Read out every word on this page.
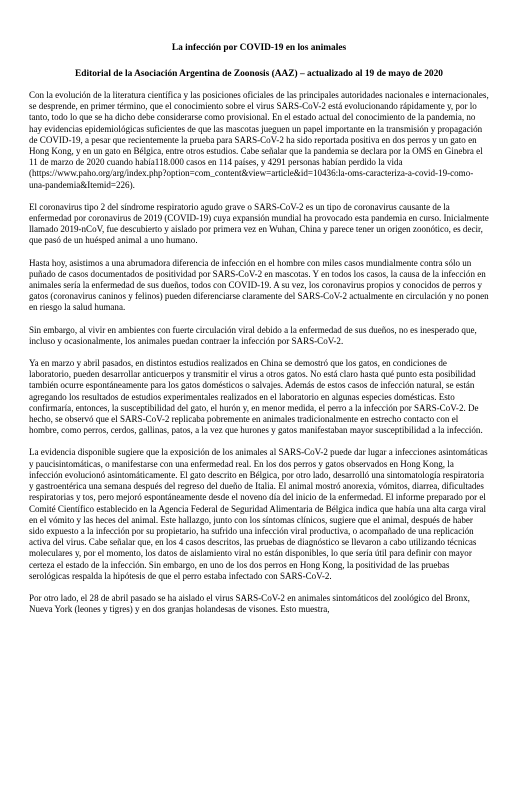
La infección por COVID-19 en los animales

Editorial de la Asociación Argentina de Zoonosis (AAZ) – actualizado al 19 de mayo de 2020

Con la evolución de la literatura científica y las posiciones oficiales de las principales autoridades nacionales e internacionales, se desprende, en primer término, que el conocimiento sobre el virus SARS-CoV-2 está evolucionando rápidamente y, por lo tanto, todo lo que se ha dicho debe considerarse como provisional. En el estado actual del conocimiento de la pandemia, no hay evidencias epidemiológicas suficientes de que las mascotas jueguen un papel importante en la transmisión y propagación de COVID-19, a pesar que recientemente la prueba para SARS-CoV-2 ha sido reportada positiva en dos perros y un gato en Hong Kong, y en un gato en Bélgica, entre otros estudios. Cabe señalar que la pandemia se declara por la OMS en Ginebra el 11 de marzo de 2020 cuando había118.000 casos en 114 países, y 4291 personas habían perdido la vida (https://www.paho.org/arg/index.php?option=com_content&view=article&id=10436:la-oms-caracteriza-a-covid-19-como-una-pandemia&Itemid=226).

El coronavirus tipo 2 del síndrome respiratorio agudo grave o SARS-CoV-2 es un tipo de coronavirus causante de la enfermedad por coronavirus de 2019 (COVID-19) cuya expansión mundial ha provocado esta pandemia en curso. Inicialmente llamado 2019-nCoV, fue descubierto y aislado por primera vez en Wuhan, China y parece tener un origen zoonótico, es decir, que pasó de un huésped animal a uno humano.

Hasta hoy, asistimos a una abrumadora diferencia de infección en el hombre con miles casos mundialmente contra sólo un puñado de casos documentados de positividad por SARS-CoV-2 en mascotas. Y en todos los casos, la causa de la infección en animales sería la enfermedad de sus dueños, todos con COVID-19. A su vez, los coronavirus propios y conocidos de perros y gatos (coronavirus caninos y felinos) pueden diferenciarse claramente del SARS-CoV-2 actualmente en circulación y no ponen en riesgo la salud humana.

Sin embargo, al vivir en ambientes con fuerte circulación viral debido a la enfermedad de sus dueños, no es inesperado que, incluso y ocasionalmente, los animales puedan contraer la infección por SARS-CoV-2.

Ya en marzo y abril pasados, en distintos estudios realizados en China se demostró que los gatos, en condiciones de laboratorio, pueden desarrollar anticuerpos y transmitir el virus a otros gatos. No está claro hasta qué punto esta posibilidad también ocurre espontáneamente para los gatos domésticos o salvajes. Además de estos casos de infección natural, se están agregando los resultados de estudios experimentales realizados en el laboratorio en algunas especies domésticas. Esto confirmaría, entonces, la susceptibilidad del gato, el hurón y, en menor medida, el perro a la infección por SARS-CoV-2. De hecho, se observó que el SARS-CoV-2 replicaba pobremente en animales tradicionalmente en estrecho contacto con el hombre, como perros, cerdos, gallinas, patos, a la vez que hurones y gatos manifestaban mayor susceptibilidad a la infección.

La evidencia disponible sugiere que la exposición de los animales al SARS-CoV-2 puede dar lugar a infecciones asintomáticas y paucisintomáticas, o manifestarse con una enfermedad real. En los dos perros y gatos observados en Hong Kong, la infección evolucionó asintomáticamente. El gato descrito en Bélgica, por otro lado, desarrolló una sintomatología respiratoria y gastroentérica una semana después del regreso del dueño de Italia. El animal mostró anorexia, vómitos, diarrea, dificultades respiratorias y tos, pero mejoró espontáneamente desde el noveno día del inicio de la enfermedad. El informe preparado por el Comité Científico establecido en la Agencia Federal de Seguridad Alimentaria de Bélgica indica que había una alta carga viral en el vómito y las heces del animal. Este hallazgo, junto con los síntomas clínicos, sugiere que el animal, después de haber sido expuesto a la infección por su propietario, ha sufrido una infección viral productiva, o acompañado de una replicación activa del virus. Cabe señalar que, en los 4 casos descritos, las pruebas de diagnóstico se llevaron a cabo utilizando técnicas moleculares y, por el momento, los datos de aislamiento viral no están disponibles, lo que sería útil para definir con mayor certeza el estado de la infección. Sin embargo, en uno de los dos perros en Hong Kong, la positividad de las pruebas serológicas respalda la hipótesis de que el perro estaba infectado con SARS-CoV-2.

Por otro lado, el 28 de abril pasado se ha aislado el virus SARS-CoV-2 en animales sintomáticos del zoológico del Bronx, Nueva York (leones y tigres) y en dos granjas holandesas de visones. Esto muestra,
